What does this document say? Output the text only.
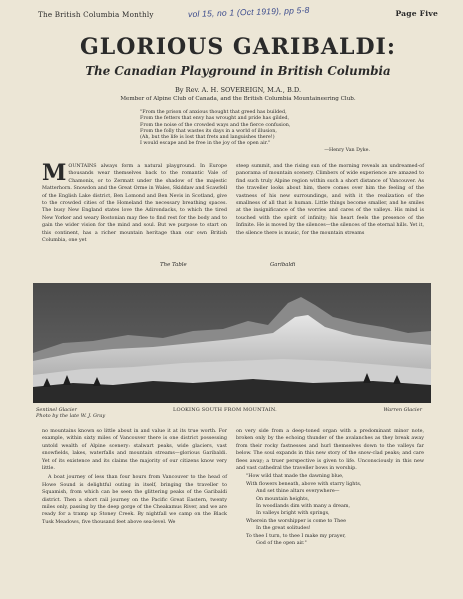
The British Columbia Monthly	vol 15, no 1 (Oct 1919), pp 5-8	Page Five
GLORIOUS GARIBALDI:
The Canadian Playground in British Columbia
By Rev. A. H. SOVEREIGN, M.A., B.D.
Member of Alpine Club of Canada, and the British Columbia Mountaineering Club.
"From the prison of anxious thought that greed has builded,
From the fetters that envy has wrought and pride has gilded,
From the noise of the crowded ways and the fierce confusion,
From the folly that wastes its days in a world of illusion,
(Ah, but the life is lost that frets and languishes there!)
I would escape and be free in the joy of the open air."
—Henry Van Dyke.

MOUNTAINS always form a natural playground. In Europe thousands wear themselves back to the romantic Vale of Chamonix, or to Zermatt under the shadow of the majestic Matterhorn. Snowdon and the Great Orme in Wales, Skiddaw and Scawfell of the English Lake district, Ben Lomond and Ben Nevis in Scotland, give to the crowded cities of the Homeland the necessary breathing spaces. The busy New England states love the Adirondacks, to which the tired New Yorker and weary Bostonian may flee to find rest for the body and to gain the wider vision for the mind and soul. But we purpose to start on this continent, has a richer mountain heritage than our own British Columbia, one yet

steep summit, and the rising sun of the morning reveals an undreamed-of panorama of mountain scenery. Climbers of wide experience are amazed to find such truly Alpine region within such a short distance of Vancouver. As the traveller looks about him, there comes over him the feeling of the vastness of his new surroundings, and with it the realization of the smallness of all that is human. Little things become smaller, and he smiles at the insignificance of the worries and cares of the valleys. His mind is touched with the spirit of infinity; his heart feels the presence of the Infinite. He is moved by the silences—the silences of the eternal hills. Yet it, the silence there is music, for the mountain streams

The Table	Garibaldi
Sentinel Glacier
Photo by the late W. J. Gray
LOOKING SOUTH FROM MOUNTAIN.	Warren Glacier

no mountains known so little about in and value it at its true worth. For example, within sixty miles of Vancouver there is one district possessing untold wealth of Alpine scenery: stalwart peaks, wide glaciers, vast snowfields, lakes, waterfalls and mountain streams—glorious Garibaldi. Yet of its existence and its claims the majority of our citizens know very little.

A boat journey of less than four hours from Vancouver to the head of Howe Sound is delightful outing in itself, bringing the traveller to Squamish, from which can be seen the glittering peaks of the Garibaldi district. Then a short rail journey on the Pacific Great Eastern, twenty miles only, passing by the deep gorge of the Cheakamus River, and we are ready for a tramp up Stoney Creek. By nightfall we camp on the Black Tusk Meadows, five thousand feet above sea-level. We

on very side from a deep-toned organ with a predominant minor note, broken only by the echoing thunder of the avalanches as they break away from their rocky fastnesses and hurl themselves down to the valleys far below. The soul expands in this new story of the snow-clad peaks; and care flees away; a truer perspective is given to life. Unconsciously in this new and vast cathedral the traveller bows in worship.

"How wild that made the dawning blue,
With flowers beneath, above with starry lights,
And set thine altars everywhere—
On mountain heights,
In woodlands dim with many a dream,
In valleys bright with springs,
Wherein the worshipper is come to Thee
In the great solitudes!
To thee I turn, to thee I make my prayer,
God of the open air."
